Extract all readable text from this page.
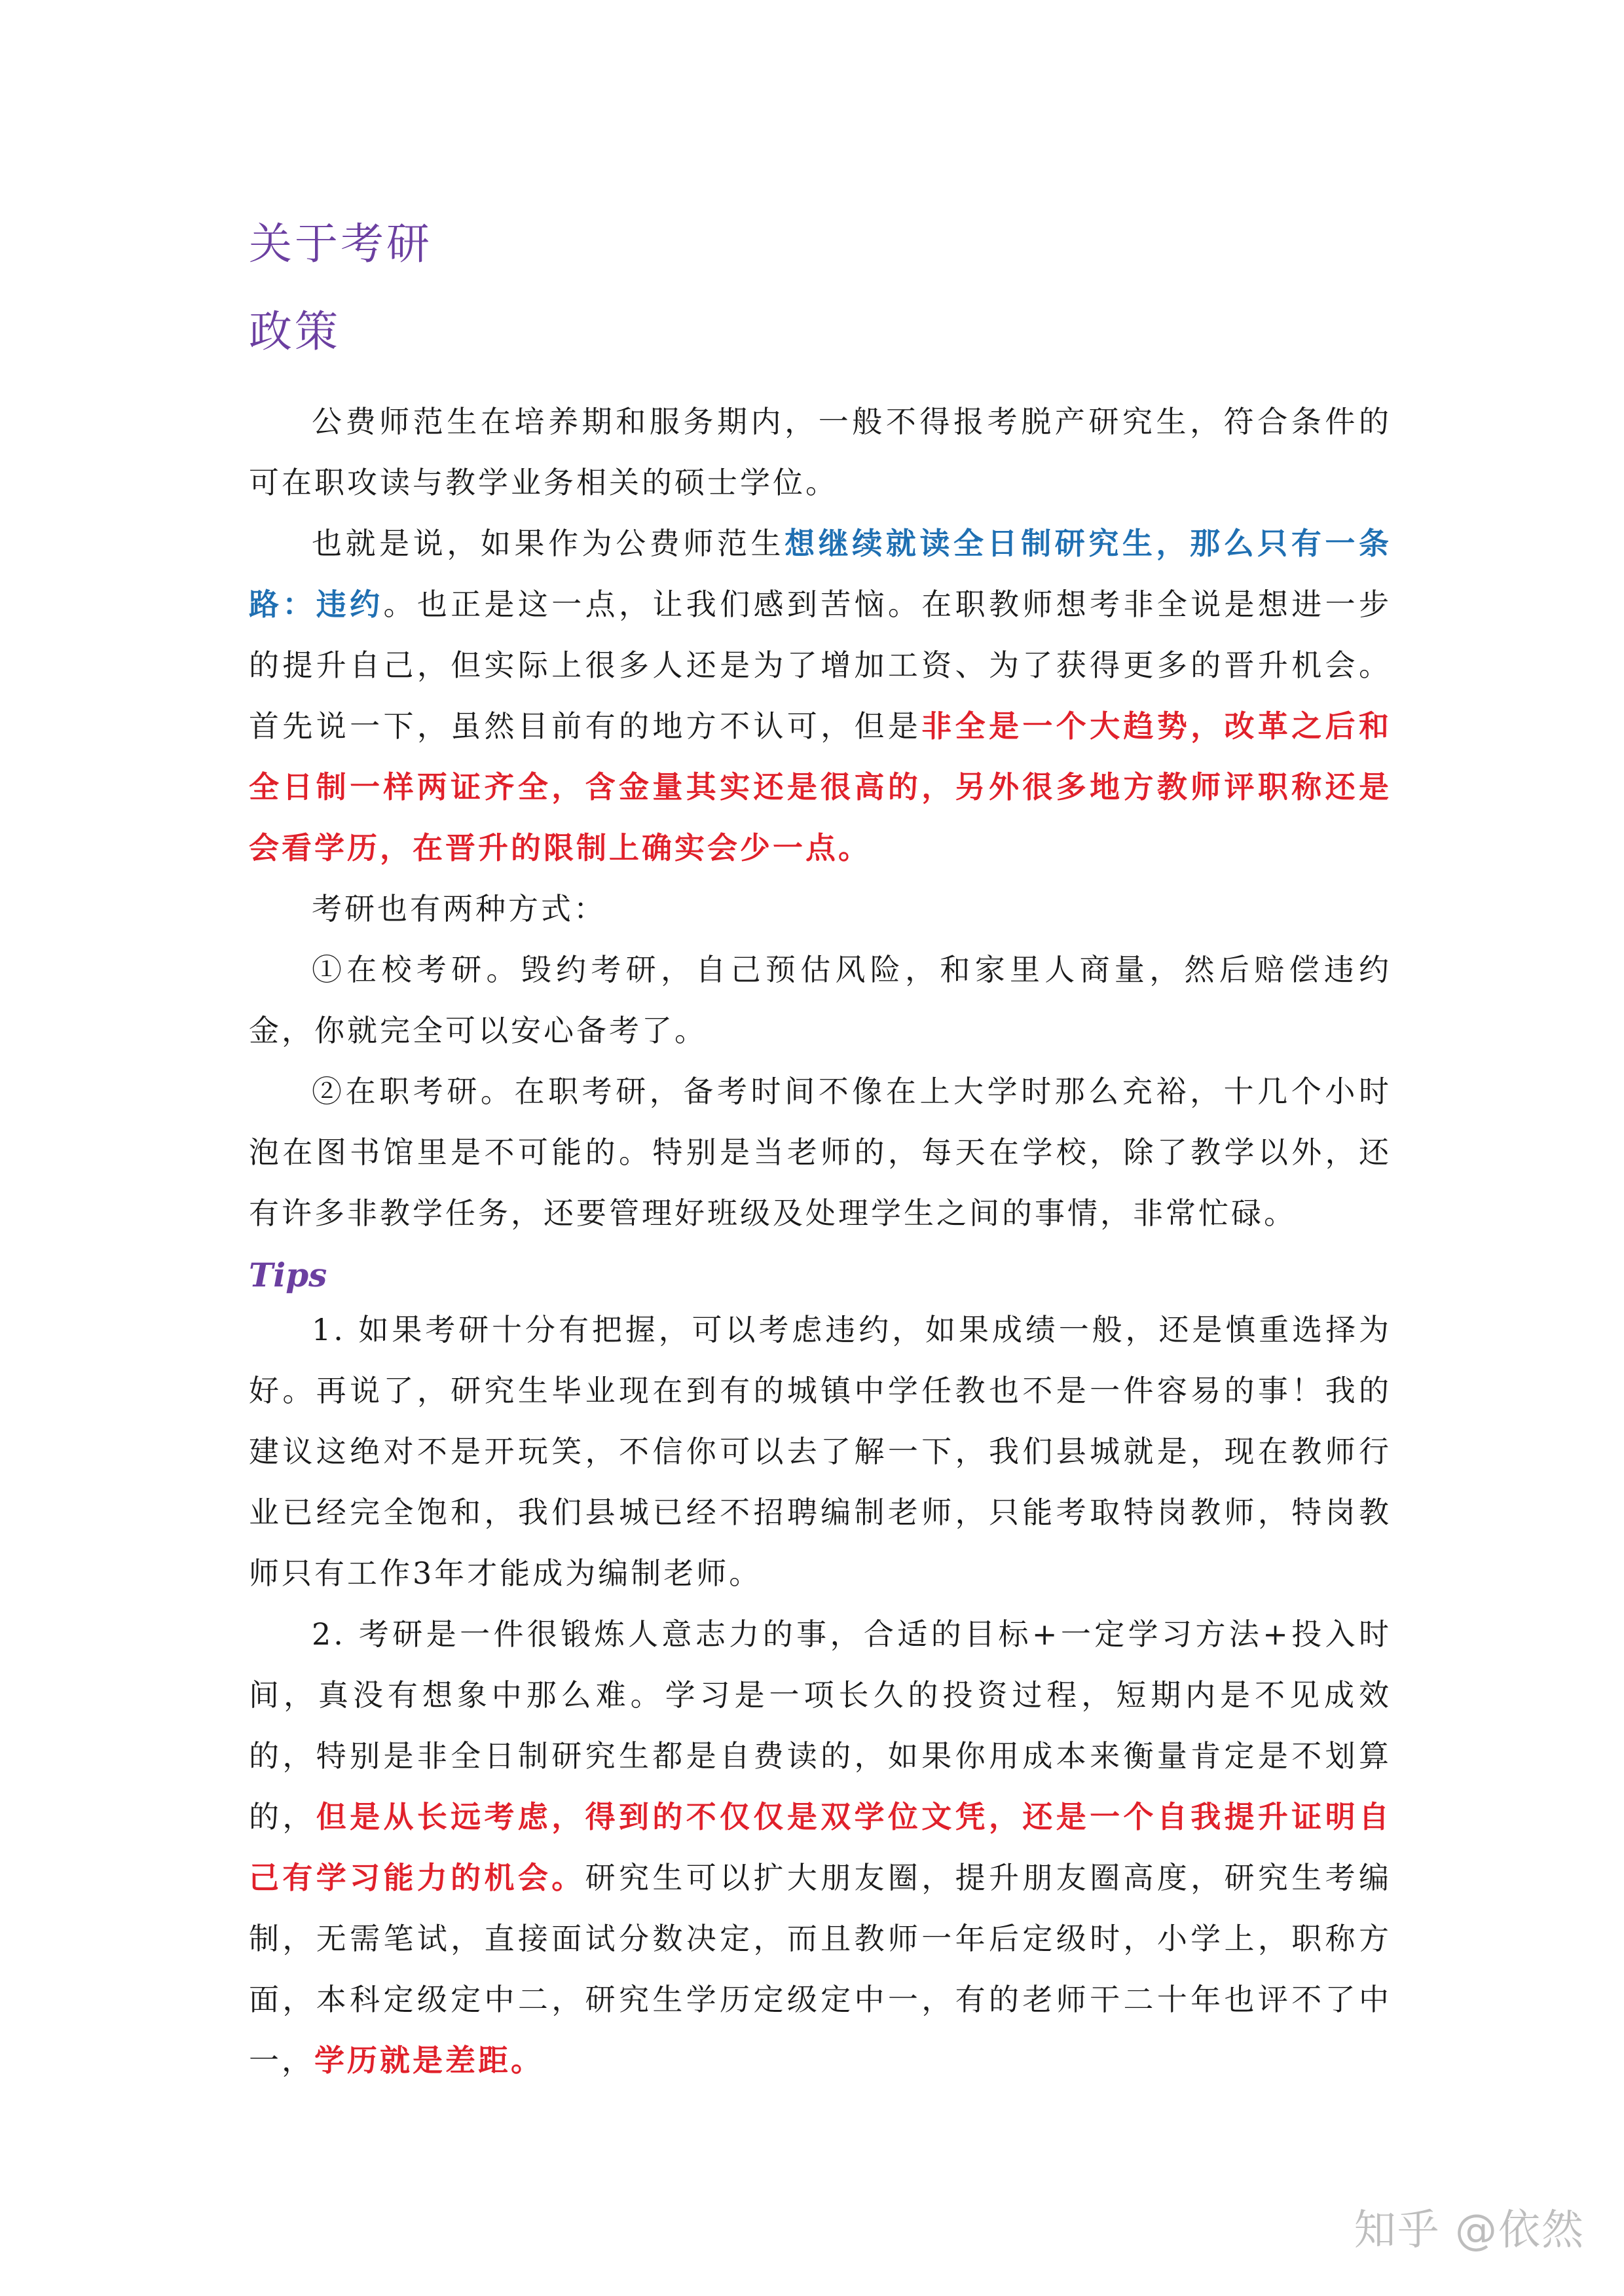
关于考研
政策

公费师范生在培养期和服务期内，一般不得报考脱产研究生，符合条件的可在职攻读与教学业务相关的硕士学位。

也就是说，如果作为公费师范生想继续就读全日制研究生，那么只有一条路：违约。也正是这一点，让我们感到苦恼。在职教师想考非全说是想进一步的提升自己，但实际上很多人还是为了增加工资、为了获得更多的晋升机会。首先说一下，虽然目前有的地方不认可，但是非全是一个大趋势，改革之后和全日制一样两证齐全，含金量其实还是很高的，另外很多地方教师评职称还是会看学历，在晋升的限制上确实会少一点。

考研也有两种方式：

①在校考研。毁约考研，自己预估风险，和家里人商量，然后赔偿违约金，你就完全可以安心备考了。

②在职考研。在职考研，备考时间不像在上大学时那么充裕，十几个小时泡在图书馆里是不可能的。特别是当老师的，每天在学校，除了教学以外，还有许多非教学任务，还要管理好班级及处理学生之间的事情，非常忙碌。

Tips

1. 如果考研十分有把握，可以考虑违约，如果成绩一般，还是慎重选择为好。再说了，研究生毕业现在到有的城镇中学任教也不是一件容易的事！我的建议这绝对不是开玩笑，不信你可以去了解一下，我们县城就是，现在教师行业已经完全饱和，我们县城已经不招聘编制老师，只能考取特岗教师，特岗教师只有工作3年才能成为编制老师。

2. 考研是一件很锻炼人意志力的事，合适的目标+一定学习方法+投入时间，真没有想象中那么难。学习是一项长久的投资过程，短期内是不见成效的，特别是非全日制研究生都是自费读的，如果你用成本来衡量肯定是不划算的，但是从长远考虑，得到的不仅仅是双学位文凭，还是一个自我提升证明自己有学习能力的机会。研究生可以扩大朋友圈，提升朋友圈高度，研究生考编制，无需笔试，直接面试分数决定，而且教师一年后定级时，小学上，职称方面，本科定级定中二，研究生学历定级定中一，有的老师干二十年也评不了中一，学历就是差距。

知乎 @依然
